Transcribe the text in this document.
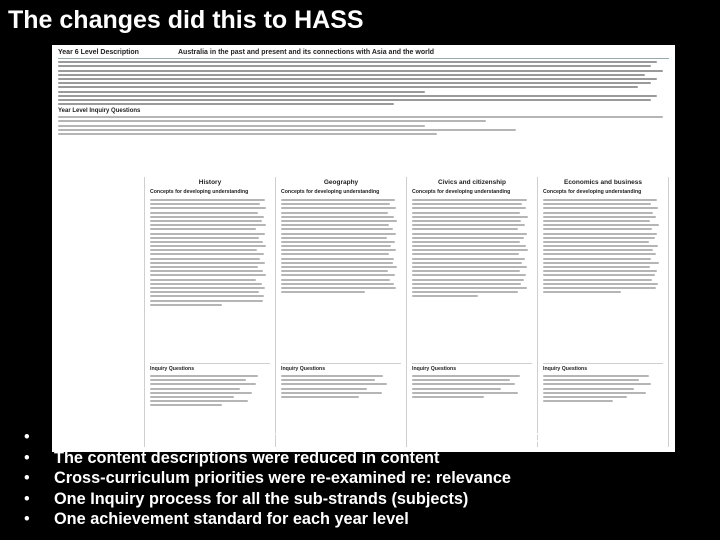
The changes did this to HASS
Year 6 Level Description	Australia in the past and present and its connections with Asia and the world
Year Level Inquiry Questions
History
Concepts for developing understanding
Inquiry Questions
Geography
Concepts for developing understanding
Inquiry Questions
Civics and citizenship
Concepts for developing understanding
Inquiry Questions
Economics and business
Concepts for developing understanding
Inquiry Questions
• Subjects to be called sub-strands and appear alongside each other
• The content descriptions were reduced in content
• Cross-curriculum priorities were re-examined re: relevance
• One Inquiry process for all the sub-strands (subjects)
• One achievement standard for each year level
